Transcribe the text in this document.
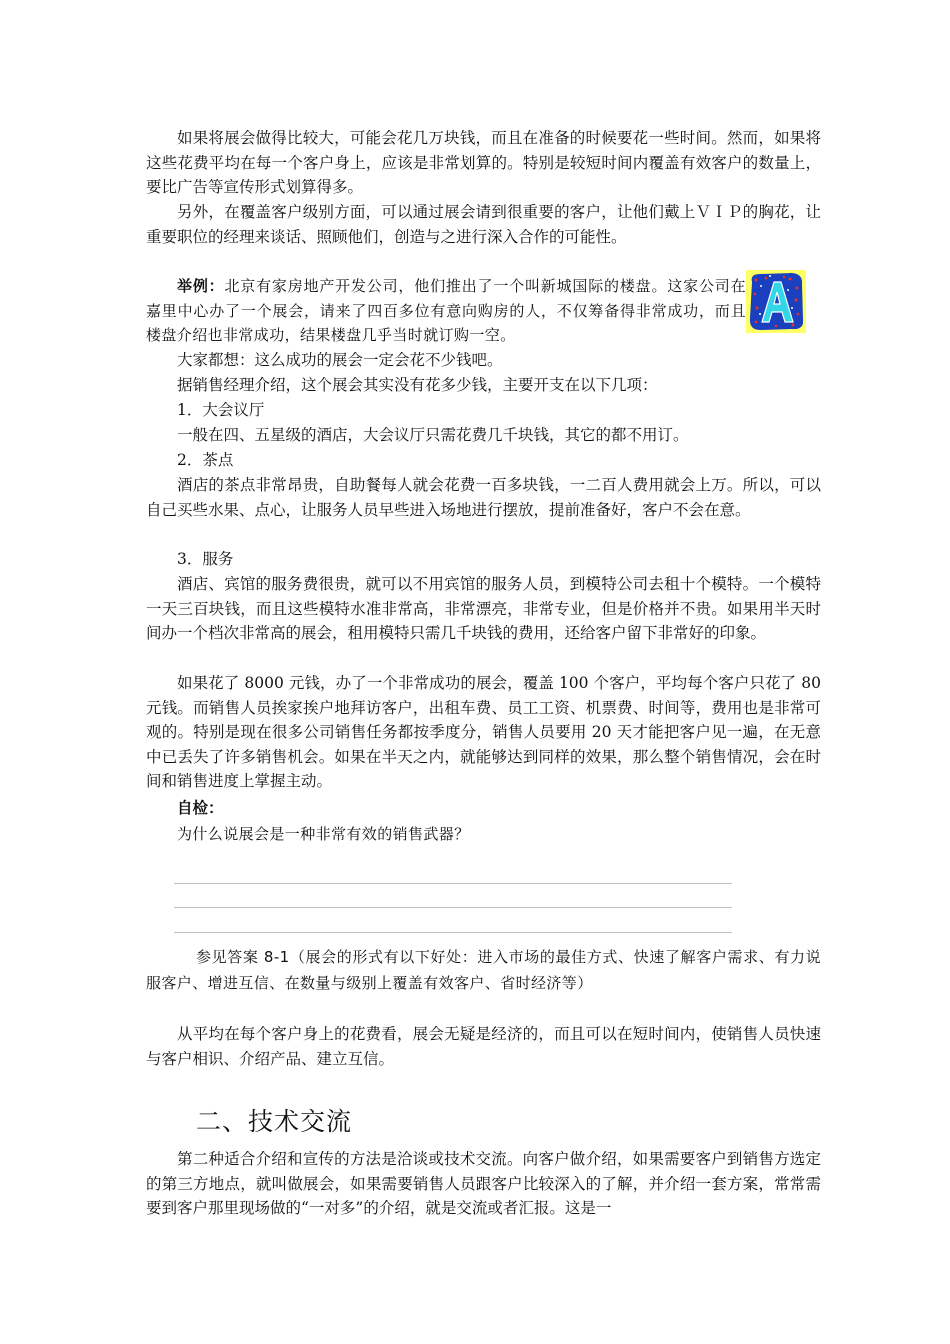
如果将展会做得比较大，可能会花几万块钱，而且在准备的时候要花一些时间。然而，如果将这些花费平均在每一个客户身上，应该是非常划算的。特别是较短时间内覆盖有效客户的数量上，要比广告等宣传形式划算得多。
另外，在覆盖客户级别方面，可以通过展会请到很重要的客户，让他们戴上ＶＩＰ的胸花，让重要职位的经理来谈话、照顾他们，创造与之进行深入合作的可能性。
举例：北京有家房地产开发公司，他们推出了一个叫新城国际的楼盘。这家公司在嘉里中心办了一个展会，请来了四百多位有意向购房的人，不仅筹备得非常成功，而且楼盘介绍也非常成功，结果楼盘几乎当时就订购一空。
大家都想：这么成功的展会一定会花不少钱吧。
据销售经理介绍，这个展会其实没有花多少钱，主要开支在以下几项：
1．大会议厅
一般在四、五星级的酒店，大会议厅只需花费几千块钱，其它的都不用订。
2．茶点
酒店的茶点非常昂贵，自助餐每人就会花费一百多块钱，一二百人费用就会上万。所以，可以自己买些水果、点心，让服务人员早些进入场地进行摆放，提前准备好，客户不会在意。
3．服务
酒店、宾馆的服务费很贵，就可以不用宾馆的服务人员，到模特公司去租十个模特。一个模特一天三百块钱，而且这些模特水准非常高，非常漂亮，非常专业，但是价格并不贵。如果用半天时间办一个档次非常高的展会，租用模特只需几千块钱的费用，还给客户留下非常好的印象。
如果花了 8000 元钱，办了一个非常成功的展会，覆盖 100 个客户，平均每个客户只花了 80 元钱。而销售人员挨家挨户地拜访客户，出租车费、员工工资、机票费、时间等，费用也是非常可观的。特别是现在很多公司销售任务都按季度分，销售人员要用 20 天才能把客户见一遍，在无意中已丢失了许多销售机会。如果在半天之内，就能够达到同样的效果，那么整个销售情况，会在时间和销售进度上掌握主动。
自检：
为什么说展会是一种非常有效的销售武器？
参见答案 8-1（展会的形式有以下好处：进入市场的最佳方式、快速了解客户需求、有力说服客户、增进互信、在数量与级别上覆盖有效客户、省时经济等）
从平均在每个客户身上的花费看，展会无疑是经济的，而且可以在短时间内，使销售人员快速与客户相识、介绍产品、建立互信。
二、技术交流
第二种适合介绍和宣传的方法是洽谈或技术交流。向客户做介绍，如果需要客户到销售方选定的第三方地点，就叫做展会，如果需要销售人员跟客户比较深入的了解，并介绍一套方案，常常需要到客户那里现场做的“一对多”的介绍，就是交流或者汇报。这是一
